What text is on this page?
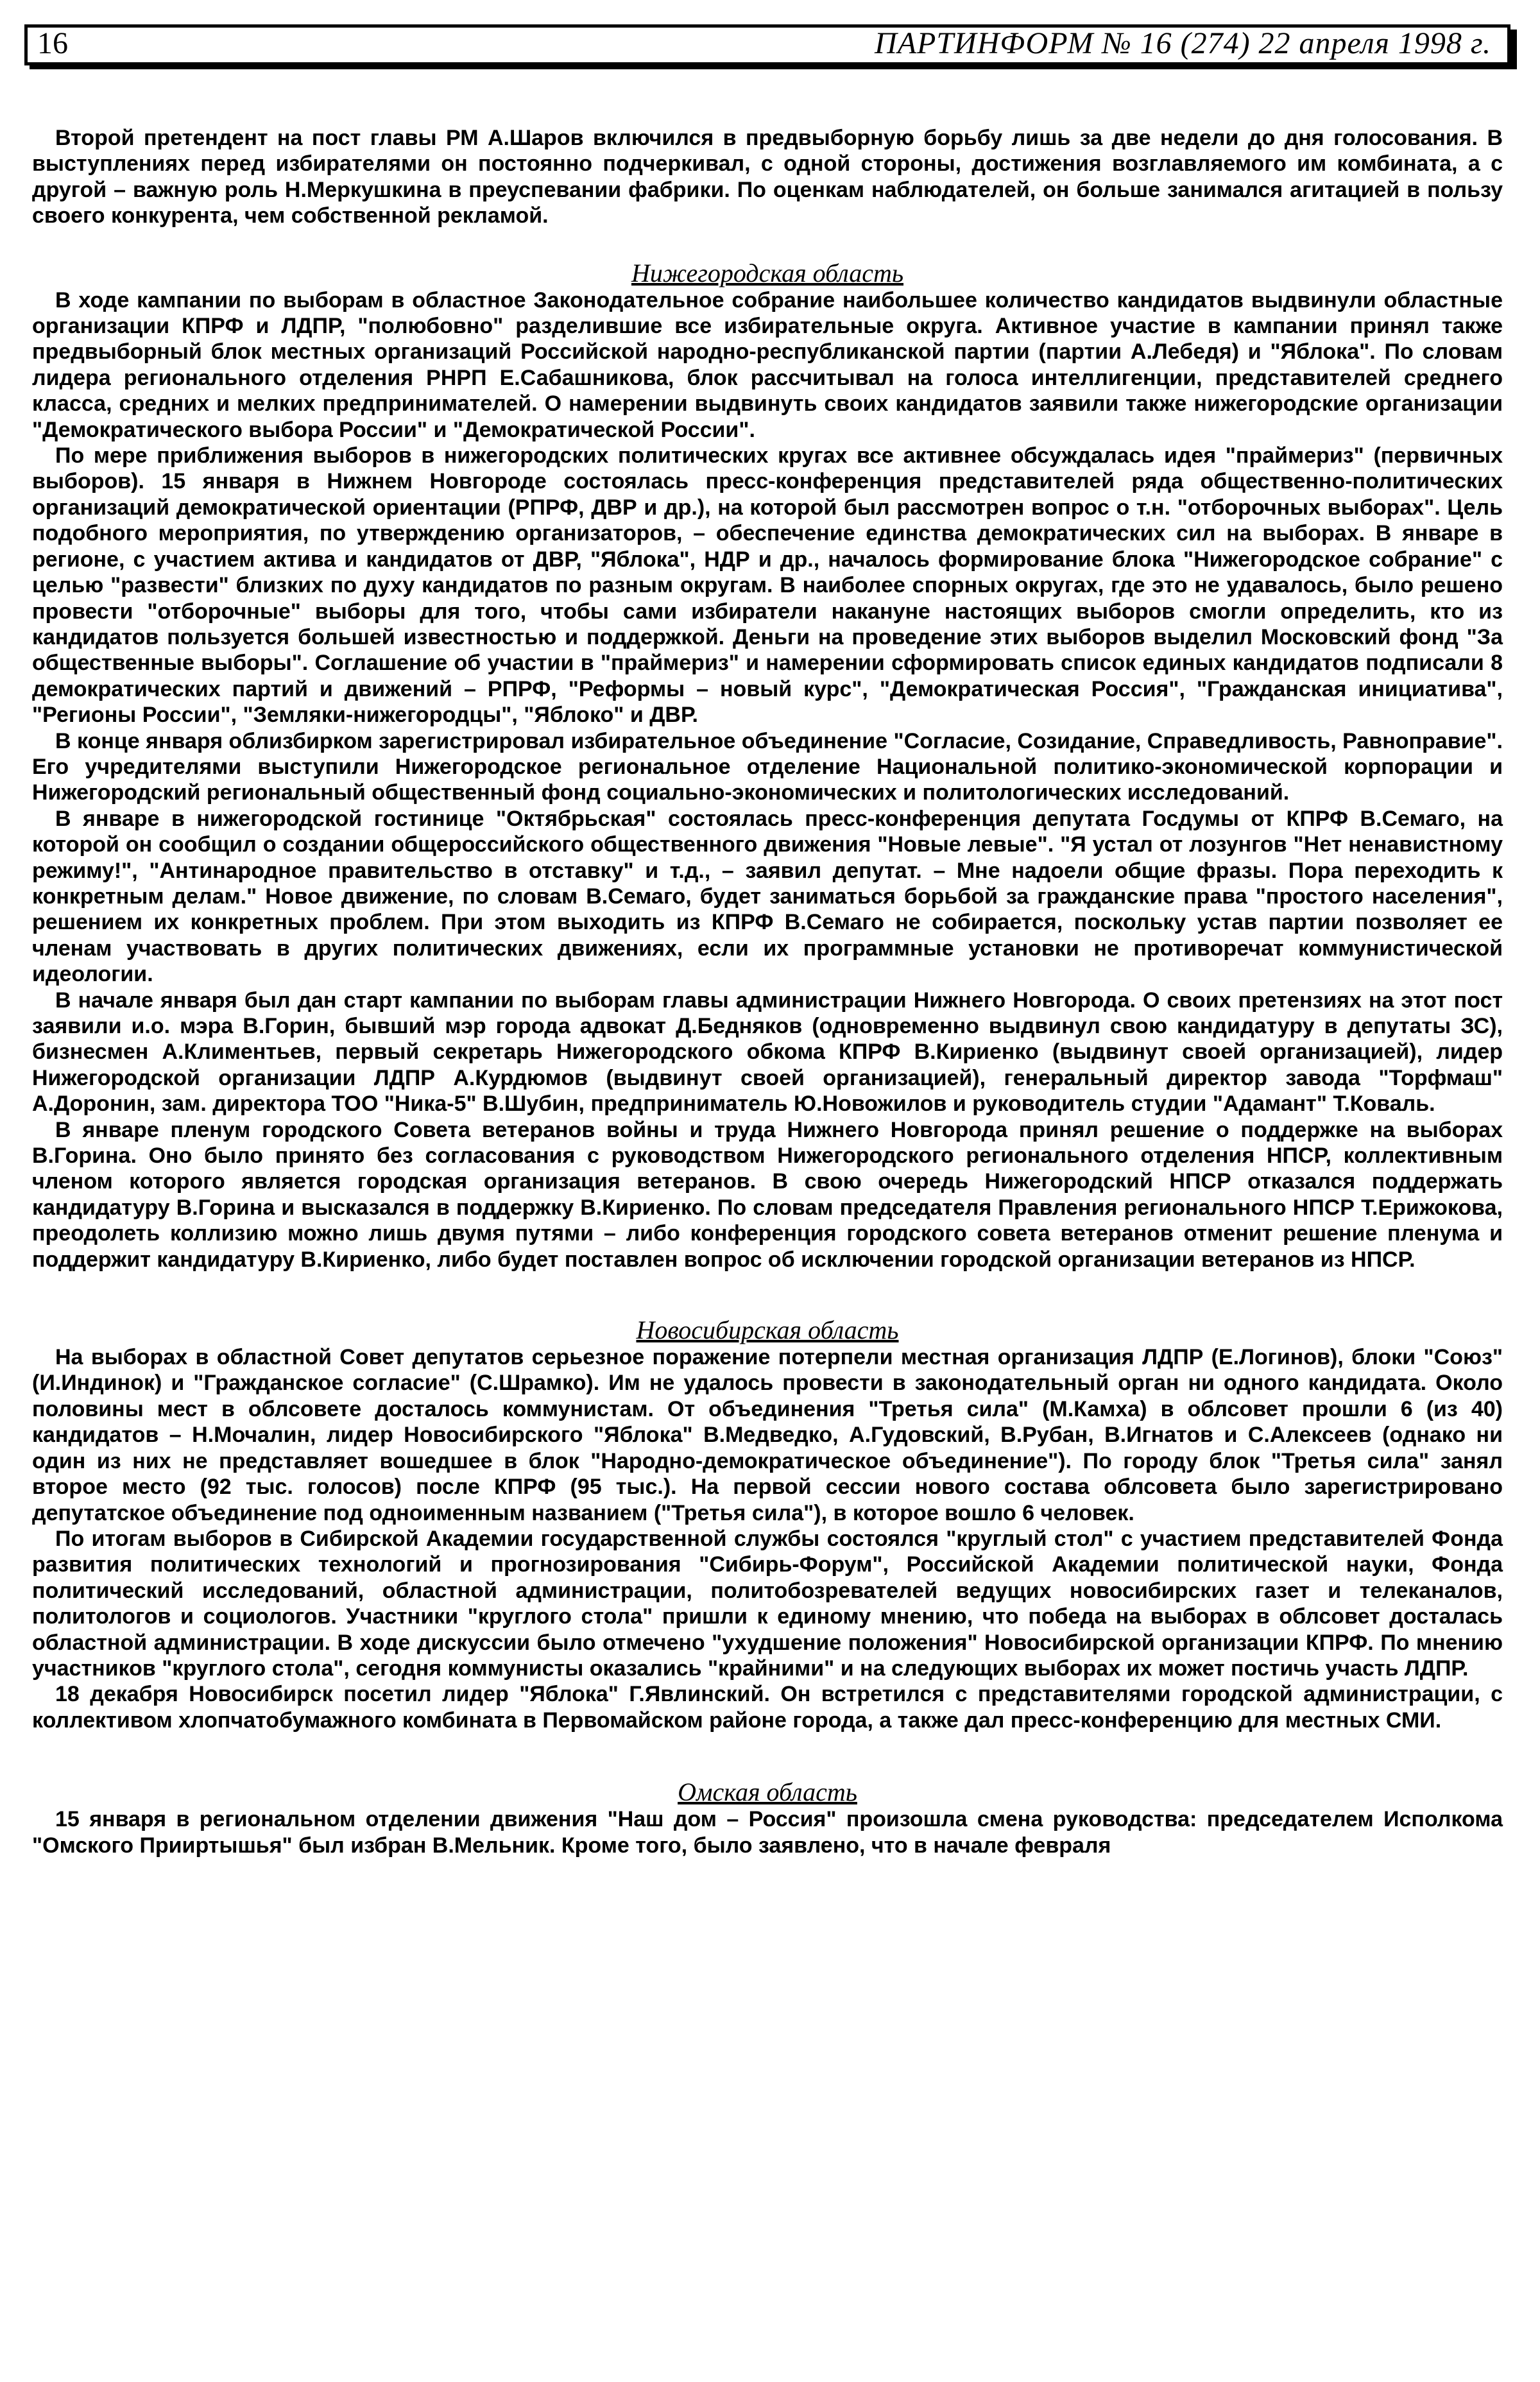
16	ПАРТИНФОРМ № 16 (274) 22 апреля 1998 г.

Второй претендент на пост главы РМ А.Шаров включился в предвыборную борьбу лишь за две недели до дня голосования. В выступлениях перед избирателями он постоянно подчеркивал, с одной стороны, достижения возглавляемого им комбината, а с другой – важную роль Н.Меркушкина в преуспевании фабрики. По оценкам наблюдателей, он больше занимался агитацией в пользу своего конкурента, чем собственной рекламой.

Нижегородская область

В ходе кампании по выборам в областное Законодательное собрание наибольшее количество кандидатов выдвинули областные организации КПРФ и ЛДПР, "полюбовно" разделившие все избирательные округа. Активное участие в кампании принял также предвыборный блок местных организаций Российской народно-республиканской партии (партии А.Лебедя) и "Яблока". По словам лидера регионального отделения РНРП Е.Сабашникова, блок рассчитывал на голоса интеллигенции, представителей среднего класса, средних и мелких предпринимателей. О намерении выдвинуть своих кандидатов заявили также нижегородские организации "Демократического выбора России" и "Демократической России".

По мере приближения выборов в нижегородских политических кругах все активнее обсуждалась идея "праймериз" (первичных выборов). 15 января в Нижнем Новгороде состоялась пресс-конференция представителей ряда общественно-политических организаций демократической ориентации (РПРФ, ДВР и др.), на которой был рассмотрен вопрос о т.н. "отборочных выборах". Цель подобного мероприятия, по утверждению организаторов, – обеспечение единства демократических сил на выборах. В январе в регионе, с участием актива и кандидатов от ДВР, "Яблока", НДР и др., началось формирование блока "Нижегородское собрание" с целью "развести" близких по духу кандидатов по разным округам. В наиболее спорных округах, где это не удавалось, было решено провести "отборочные" выборы для того, чтобы сами избиратели накануне настоящих выборов смогли определить, кто из кандидатов пользуется большей известностью и поддержкой. Деньги на проведение этих выборов выделил Московский фонд "За общественные выборы". Соглашение об участии в "праймериз" и намерении сформировать список единых кандидатов подписали 8 демократических партий и движений – РПРФ, "Реформы – новый курс", "Демократическая Россия", "Гражданская инициатива", "Регионы России", "Земляки-нижегородцы", "Яблоко" и ДВР.

В конце января облизбирком зарегистрировал избирательное объединение "Согласие, Созидание, Справедливость, Равноправие". Его учредителями выступили Нижегородское региональное отделение Национальной политико-экономической корпорации и Нижегородский региональный общественный фонд социально-экономических и политологических исследований.

В январе в нижегородской гостинице "Октябрьская" состоялась пресс-конференция депутата Госдумы от КПРФ В.Семаго, на которой он сообщил о создании общероссийского общественного движения "Новые левые". "Я устал от лозунгов "Нет ненавистному режиму!", "Антинародное правительство в отставку" и т.д., – заявил депутат. – Мне надоели общие фразы. Пора переходить к конкретным делам." Новое движение, по словам В.Семаго, будет заниматься борьбой за гражданские права "простого населения", решением их конкретных проблем. При этом выходить из КПРФ В.Семаго не собирается, поскольку устав партии позволяет ее членам участвовать в других политических движениях, если их программные установки не противоречат коммунистической идеологии.

В начале января был дан старт кампании по выборам главы администрации Нижнего Новгорода. О своих претензиях на этот пост заявили и.о. мэра В.Горин, бывший мэр города адвокат Д.Бедняков (одновременно выдвинул свою кандидатуру в депутаты ЗС), бизнесмен А.Климентьев, первый секретарь Нижегородского обкома КПРФ В.Кириенко (выдвинут своей организацией), лидер Нижегородской организации ЛДПР А.Курдюмов (выдвинут своей организацией), генеральный директор завода "Торфмаш" А.Доронин, зам. директора ТОО "Ника-5" В.Шубин, предприниматель Ю.Новожилов и руководитель студии "Адамант" Т.Коваль.

В январе пленум городского Совета ветеранов войны и труда Нижнего Новгорода принял решение о поддержке на выборах В.Горина. Оно было принято без согласования с руководством Нижегородского регионального отделения НПСР, коллективным членом которого является городская организация ветеранов. В свою очередь Нижегородский НПСР отказался поддержать кандидатуру В.Горина и высказался в поддержку В.Кириенко. По словам председателя Правления регионального НПСР Т.Ерижокова, преодолеть коллизию можно лишь двумя путями – либо конференция городского совета ветеранов отменит решение пленума и поддержит кандидатуру В.Кириенко, либо будет поставлен вопрос об исключении городской организации ветеранов из НПСР.

Новосибирская область

На выборах в областной Совет депутатов серьезное поражение потерпели местная организация ЛДПР (Е.Логинов), блоки "Союз" (И.Индинок) и "Гражданское согласие" (С.Шрамко). Им не удалось провести в законодательный орган ни одного кандидата. Около половины мест в облсовете досталось коммунистам. От объединения "Третья сила" (М.Камха) в облсовет прошли 6 (из 40) кандидатов – Н.Мочалин, лидер Новосибирского "Яблока" В.Медведко, А.Гудовский, В.Рубан, В.Игнатов и С.Алексеев (однако ни один из них не представляет вошедшее в блок "Народно-демократическое объединение"). По городу блок "Третья сила" занял второе место (92 тыс. голосов) после КПРФ (95 тыс.). На первой сессии нового состава облсовета было зарегистрировано депутатское объединение под одноименным названием ("Третья сила"), в которое вошло 6 человек.

По итогам выборов в Сибирской Академии государственной службы состоялся "круглый стол" с участием представителей Фонда развития политических технологий и прогнозирования "Сибирь-Форум", Российской Академии политической науки, Фонда политический исследований, областной администрации, политобозревателей ведущих новосибирских газет и телеканалов, политологов и социологов. Участники "круглого стола" пришли к единому мнению, что победа на выборах в облсовет досталась областной администрации. В ходе дискуссии было отмечено "ухудшение положения" Новосибирской организации КПРФ. По мнению участников "круглого стола", сегодня коммунисты оказались "крайними" и на следующих выборах их может постичь участь ЛДПР.

18 декабря Новосибирск посетил лидер "Яблока" Г.Явлинский. Он встретился с представителями городской администрации, с коллективом хлопчатобумажного комбината в Первомайском районе города, а также дал пресс-конференцию для местных СМИ.

Омская область

15 января в региональном отделении движения "Наш дом – Россия" произошла смена руководства: председателем Исполкома "Омского Прииртышья" был избран В.Мельник. Кроме того, было заявлено, что в начале февраля
